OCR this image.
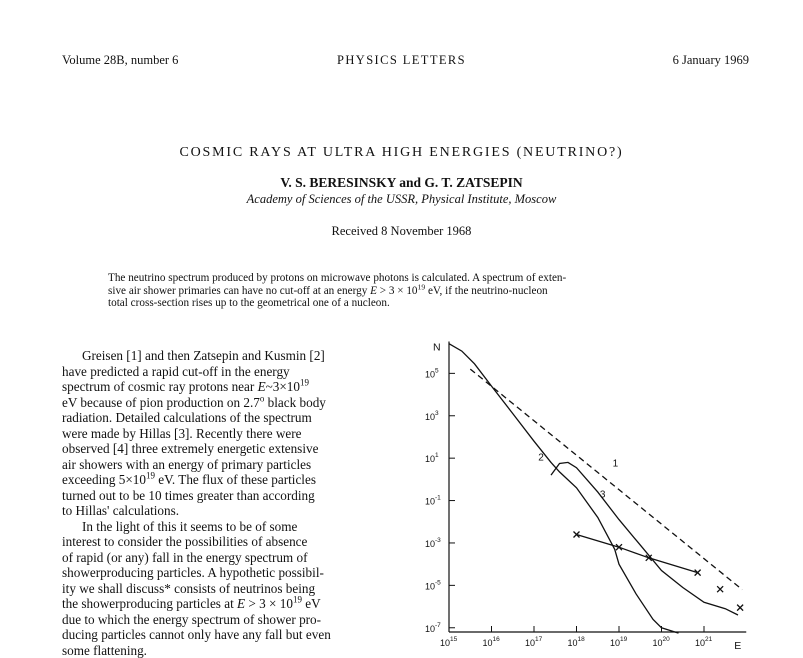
Volume 28B, number 6	PHYSICS LETTERS	6 January 1969
COSMIC RAYS AT ULTRA HIGH ENERGIES (NEUTRINO?)
V. S. BERESINSKY and G. T. ZATSEPIN
Academy of Sciences of the USSR, Physical Institute, Moscow
Received 8 November 1968
The neutrino spectrum produced by protons on microwave photons is calculated. A spectrum of exten-
sive air shower primaries can have no cut-off at an energy $E > 3 \times 10^{19}$ eV, if the neutrino-nucleon
total cross-section rises up to the geometrical one of a nucleon.
Greisen [1] and then Zatsepin and Kusmin [2]
have predicted a rapid cut-off in the energy
spectrum of cosmic ray protons near $E\sim 3\times 10^{19}$
eV because of pion production on 2.7$^o$ black body
radiation. Detailed calculations of the spectrum
were made by Hillas [3]. Recently there were
observed [4] three extremely energetic extensive
air showers with an energy of primary particles
exceeding $5\times 10^{19}$ eV. The flux of these particles
turned out to be 10 times greater than according
to Hillas' calculations.
In the light of this it seems to be of some
interest to consider the possibilities of absence
of rapid (or any) fall in the energy spectrum of
showerproducing particles. A hypothetic possibil-
ity we shall discuss* consists of neutrinos being
the showerproducing particles at $E > 3 \times 10^{19}$ eV
due to which the energy spectrum of shower pro-
ducing particles cannot only have any fall but even
some flattening.
N
E
$10^5$
$10^3$
$10^1$
$10^{-1}$
$10^{-3}$
$10^{-5}$
$10^{-7}$
$10^{15}$	$10^{16}$	$10^{17}$	$10^{18}$	$10^{19}$	$10^{20}$	$10^{21}$
1
2
3
